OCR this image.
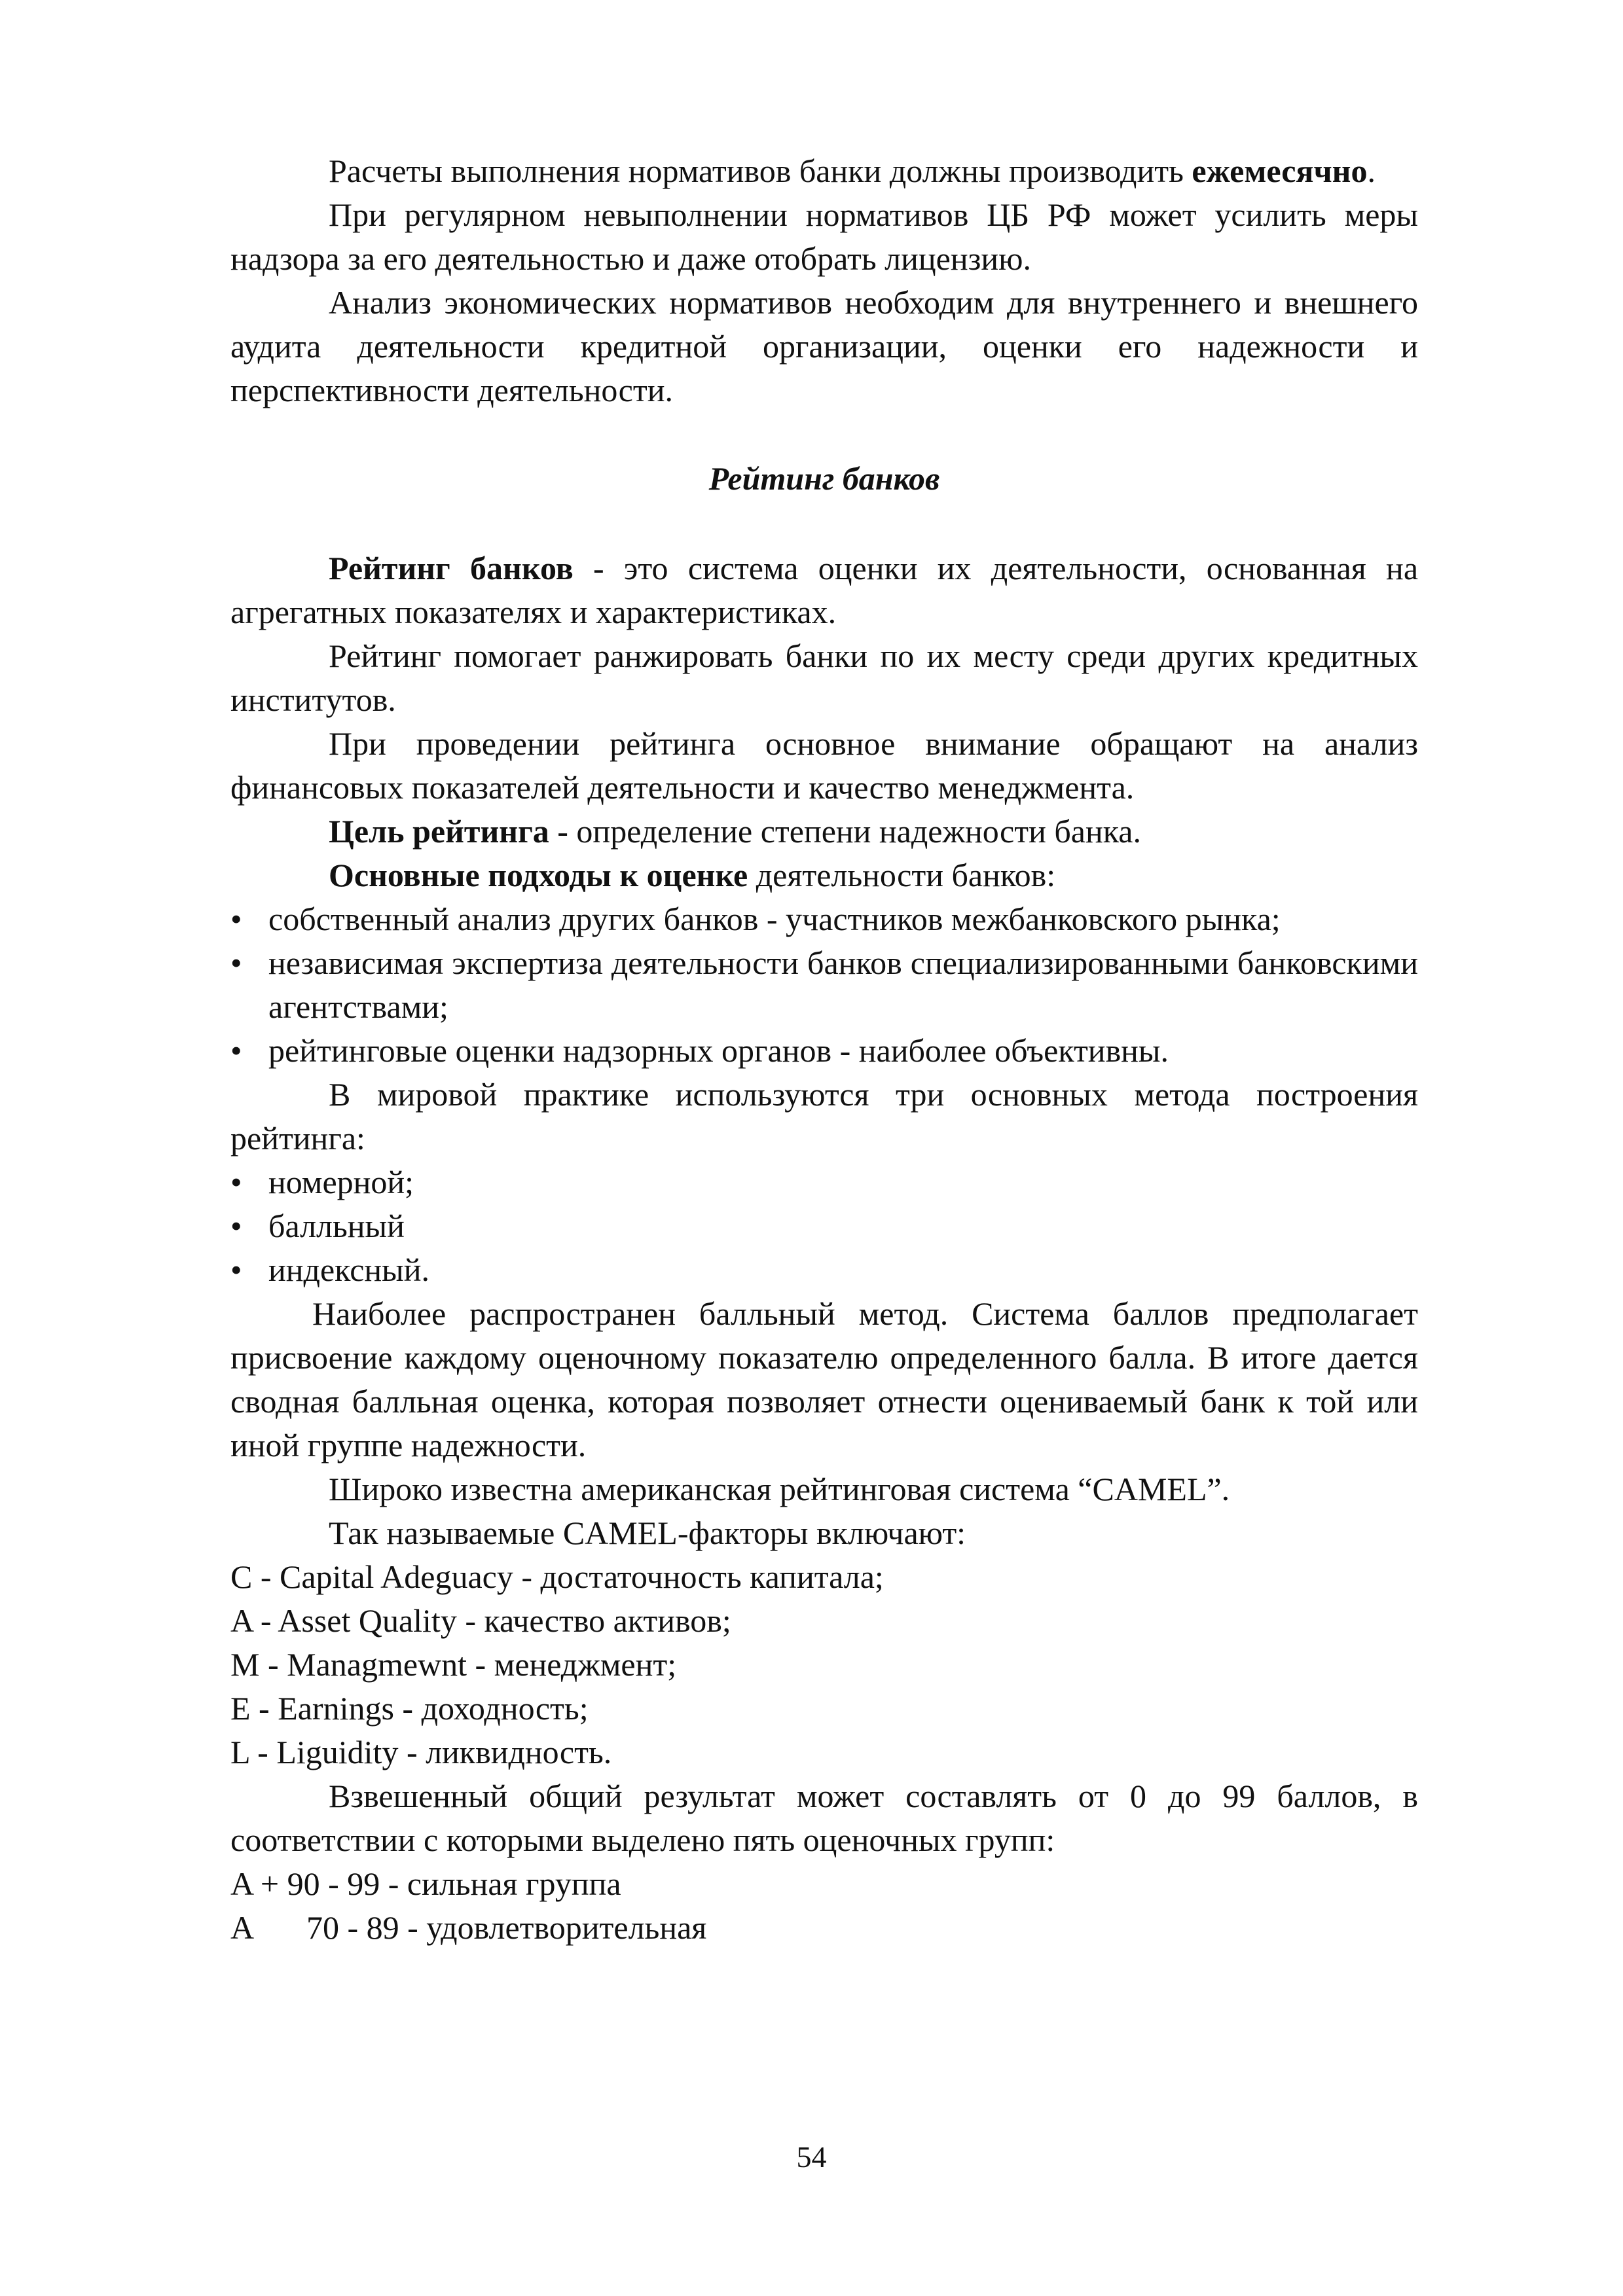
Расчеты выполнения нормативов банки должны производить ежемесячно.

При регулярном невыполнении нормативов ЦБ РФ может усилить меры надзора за его деятельностью и даже отобрать лицензию.

Анализ экономических нормативов необходим для внутреннего и внешнего аудита деятельности кредитной организации, оценки его надежности и перспективности деятельности.

Рейтинг банков

Рейтинг банков - это система оценки их деятельности, основанная на агрегатных показателях и характеристиках.

Рейтинг помогает ранжировать банки по их месту среди других кредитных институтов.

При проведении рейтинга основное внимание обращают на анализ финансовых показателей деятельности и качество менеджмента.

Цель рейтинга - определение степени надежности банка.

Основные подходы к оценке деятельности банков:

• собственный анализ других банков - участников межбанковского рынка;

• независимая экспертиза деятельности банков специализированными банковскими агентствами;

• рейтинговые оценки надзорных органов - наиболее объективны.

В мировой практике используются три основных метода построения рейтинга:

• номерной;

• балльный

• индексный.

Наиболее распространен балльный метод. Система баллов предполагает присвоение каждому оценочному показателю определенного балла. В итоге дается сводная балльная оценка, которая позволяет отнести оцениваемый банк к той или иной группе надежности.

Широко известна американская рейтинговая система “CAMEL”.

Так называемые CAMEL-факторы включают:

C - Capital Adeguacy - достаточность капитала;

A - Asset Quality - качество активов;

M - Managmewnt - менеджмент;

E - Earnings - доходность;

L - Liguidity - ликвидность.

Взвешенный общий результат может составлять от 0 до 99 баллов, в соответствии с которыми выделено пять оценочных групп:

A + 90 - 99 - сильная группа

A 70 - 89 - удовлетворительная

54
